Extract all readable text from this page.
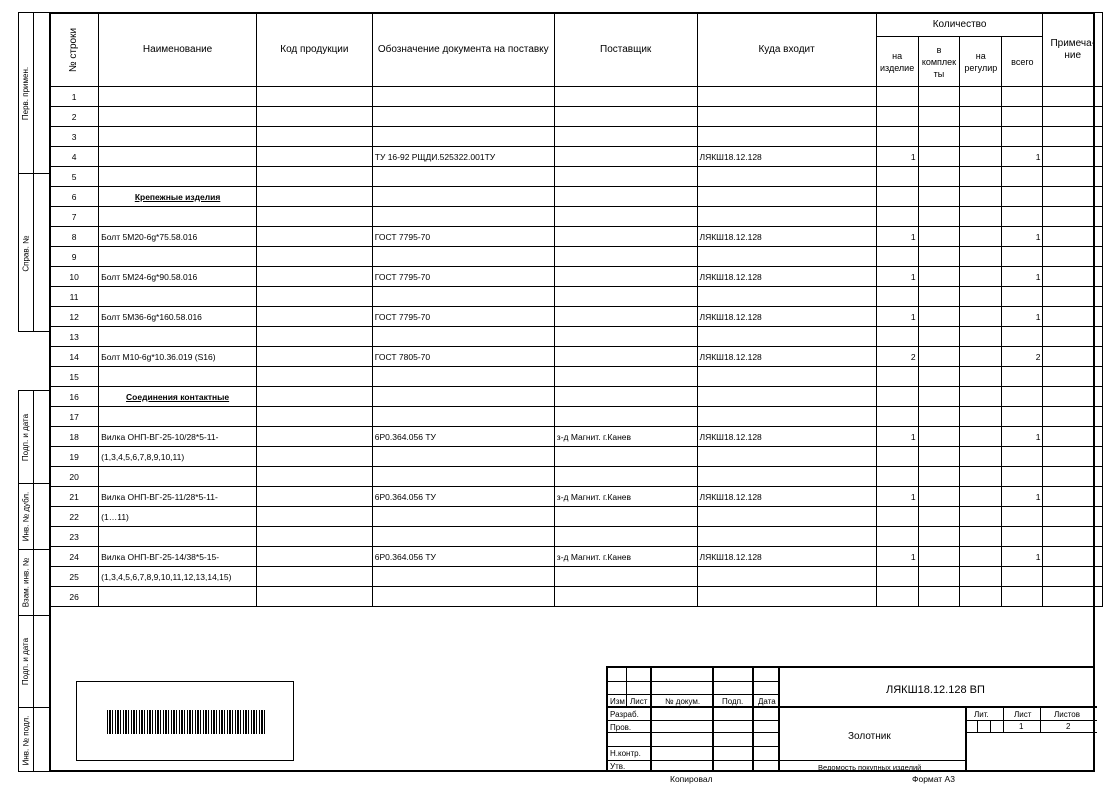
Перв. примен.
Справ. №
Подп. и дата
Инв. № дубл.
Взам. инв. №
Подп. и дата
Инв. № подл.
№ строки	Наименование	Код продукции	Обозначение документа на поставку	Поставщик	Куда входит	Количество				Примеча- ние
						на изделие	в комплек ты	на регулир	всего	
1										
2										
3										
4			ТУ 16-92 РЩДИ.525322.001ТУ		ЛЯКШ18.12.128	1			1	
5										
6	Крепежные изделия									
7										
8	Болт 5М20-6g*75.58.016		ГОСТ 7795-70		ЛЯКШ18.12.128	1			1	
9										
10	Болт 5М24-6g*90.58.016		ГОСТ 7795-70		ЛЯКШ18.12.128	1			1	
11										
12	Болт 5М36-6g*160.58.016		ГОСТ 7795-70		ЛЯКШ18.12.128	1			1	
13										
14	Болт М10-6g*10.36.019 (S16)		ГОСТ 7805-70		ЛЯКШ18.12.128	2			2	
15										
16	Соединения контактные									
17										
18	Вилка ОНП-ВГ-25-10/28*5-11-		6Р0.364.056 ТУ	з-д Магнит. г.Канев	ЛЯКШ18.12.128	1			1	
19	(1,3,4,5,6,7,8,9,10,11)									
20										
21	Вилка ОНП-ВГ-25-11/28*5-11-		6Р0.364.056 ТУ	з-д Магнит. г.Канев	ЛЯКШ18.12.128	1			1	
22	(1…11)									
23										
24	Вилка ОНП-ВГ-25-14/38*5-15-		6Р0.364.056 ТУ	з-д Магнит. г.Канев	ЛЯКШ18.12.128	1			1	
25	(1,3,4,5,6,7,8,9,10,11,12,13,14,15)									
26										
Изм Лист № докум.	Подп. Дата
Разраб.
Пров.
Н.контр.
Утв.
ЛЯКШ18.12.128 ВП
Золотник
Ведомость покупных изделий
Лит.	Лист	Листов
1	2
Копировал	Формат А3
